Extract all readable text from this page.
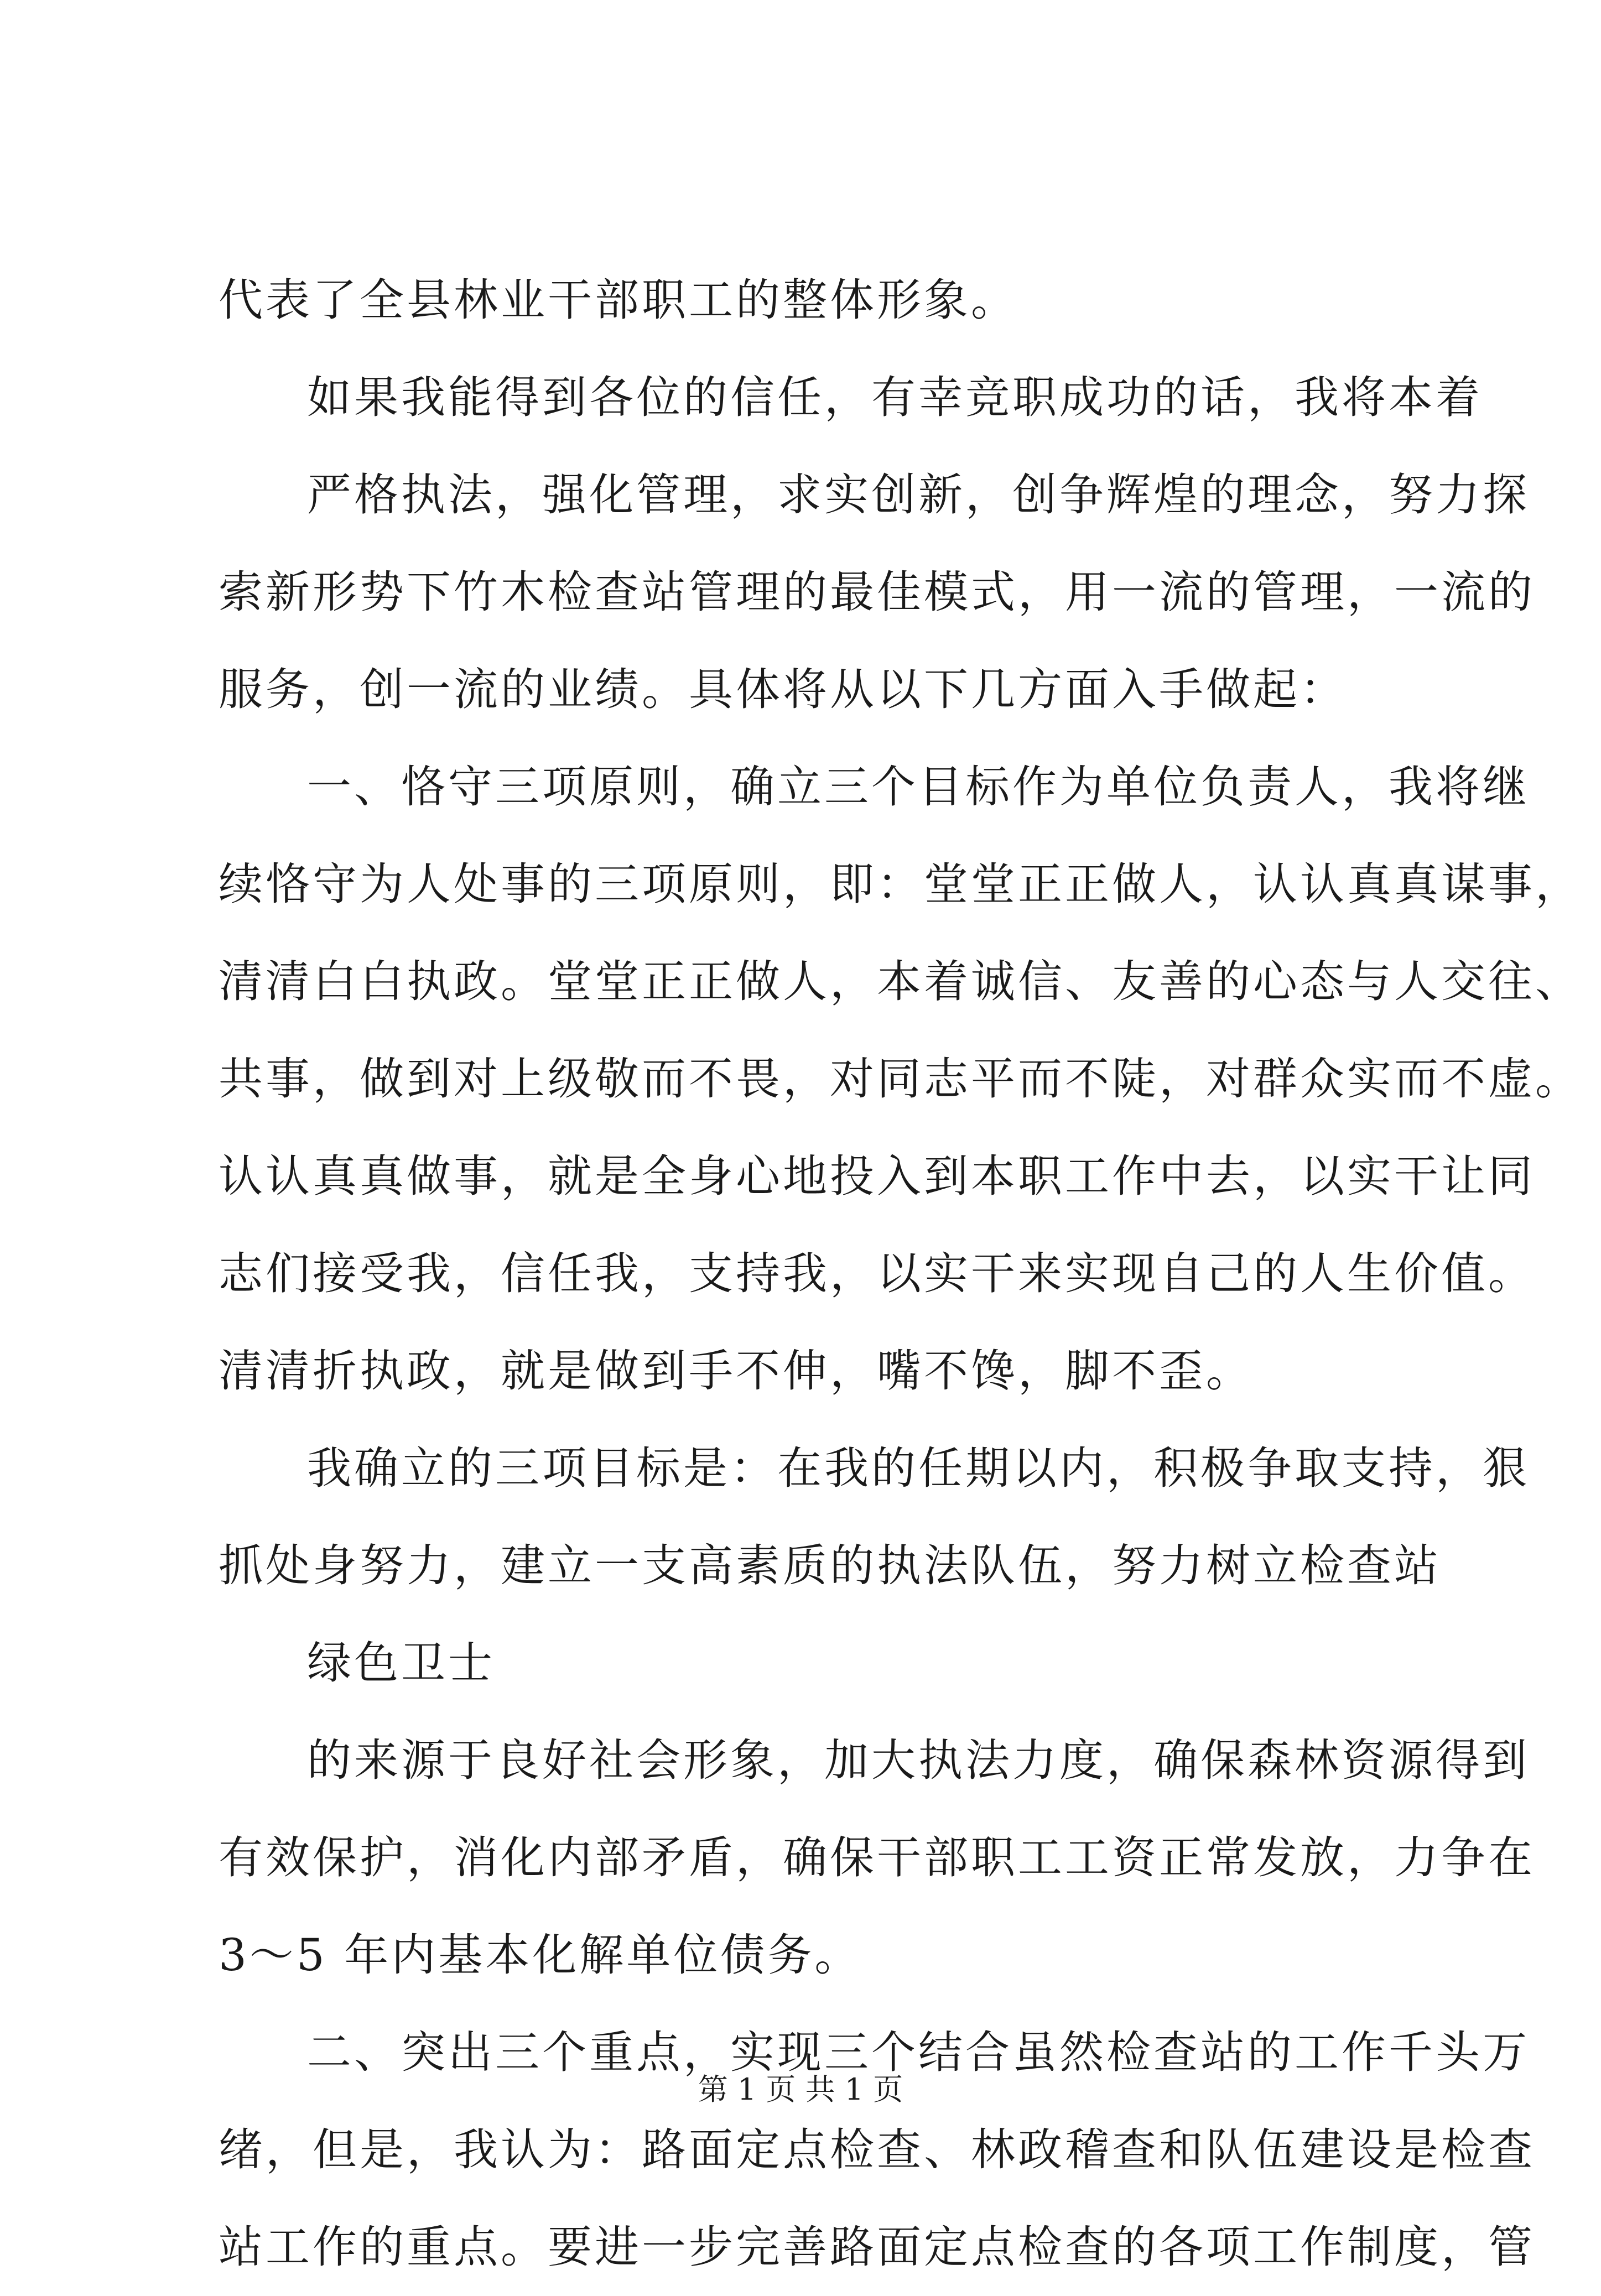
代表了全县林业干部职工的整体形象。
如果我能得到各位的信任，有幸竞职成功的话，我将本着
严格执法，强化管理，求实创新，创争辉煌的理念，努力探
索新形势下竹木检查站管理的最佳模式，用一流的管理，一流的
服务，创一流的业绩。具体将从以下几方面入手做起：
一、恪守三项原则，确立三个目标作为单位负责人，我将继
续恪守为人处事的三项原则，即：堂堂正正做人，认认真真谋事，
清清白白执政。堂堂正正做人，本着诚信、友善的心态与人交往、
共事，做到对上级敬而不畏，对同志平而不陡，对群众实而不虚。
认认真真做事，就是全身心地投入到本职工作中去，以实干让同
志们接受我，信任我，支持我，以实干来实现自己的人生价值。
清清折执政，就是做到手不伸，嘴不馋，脚不歪。
我确立的三项目标是：在我的任期以内，积极争取支持，狠
抓处身努力，建立一支高素质的执法队伍，努力树立检查站
绿色卫士
的来源于良好社会形象，加大执法力度，确保森林资源得到
有效保护，消化内部矛盾，确保干部职工工资正常发放，力争在
3～5 年内基本化解单位债务。
二、突出三个重点，实现三个结合虽然检查站的工作千头万
绪，但是，我认为：路面定点检查、林政稽查和队伍建设是检查
站工作的重点。要进一步完善路面定点检查的各项工作制度，管
第 1 页 共 1 页
